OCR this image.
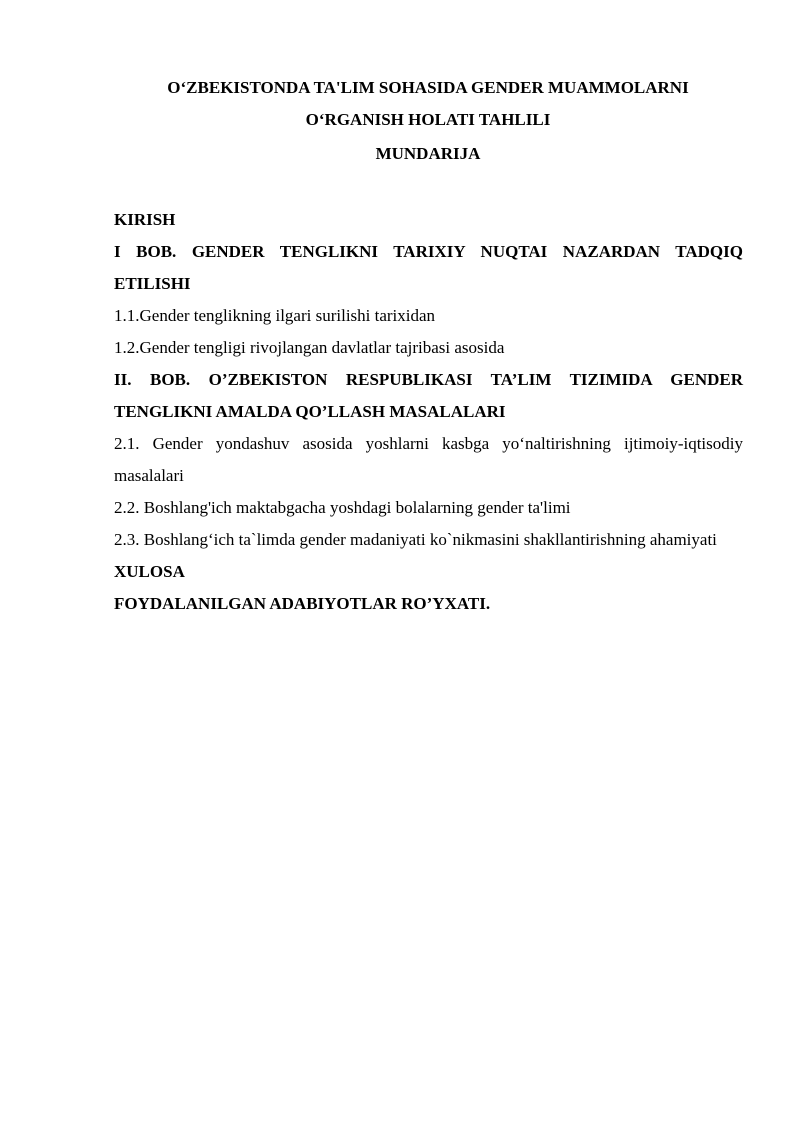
O‘ZBEKISTONDA TA'LIM SOHASIDA GENDER MUAMMOLARNI

O‘RGANISH HOLATI TAHLILI

MUNDARIJA

KIRISH
I BOB. GENDER TENGLIKNI TARIXIY NUQTAI NAZARDAN TADQIQ ETILISHI
1.1.Gender tenglikning ilgari surilishi tarixidan
1.2.Gender tengligi rivojlangan davlatlar tajribasi asosida
II. BOB. O’ZBEKISTON RESPUBLIKASI TA’LIM TIZIMIDA GENDER TENGLIKNI AMALDA QO’LLASH MASALALARI
2.1. Gender yondashuv asosida yoshlarni kasbga yo‘naltirishning ijtimoiy-iqtisodiy masalalari
2.2. Boshlang'ich maktabgacha yoshdagi bolalarning gender ta'limi
2.3. Boshlang‘ich ta`limda gender madaniyati ko`nikmasini shakllantirishning ahamiyati
XULOSA
FOYDALANILGAN ADABIYOTLAR RO’YXATI.
